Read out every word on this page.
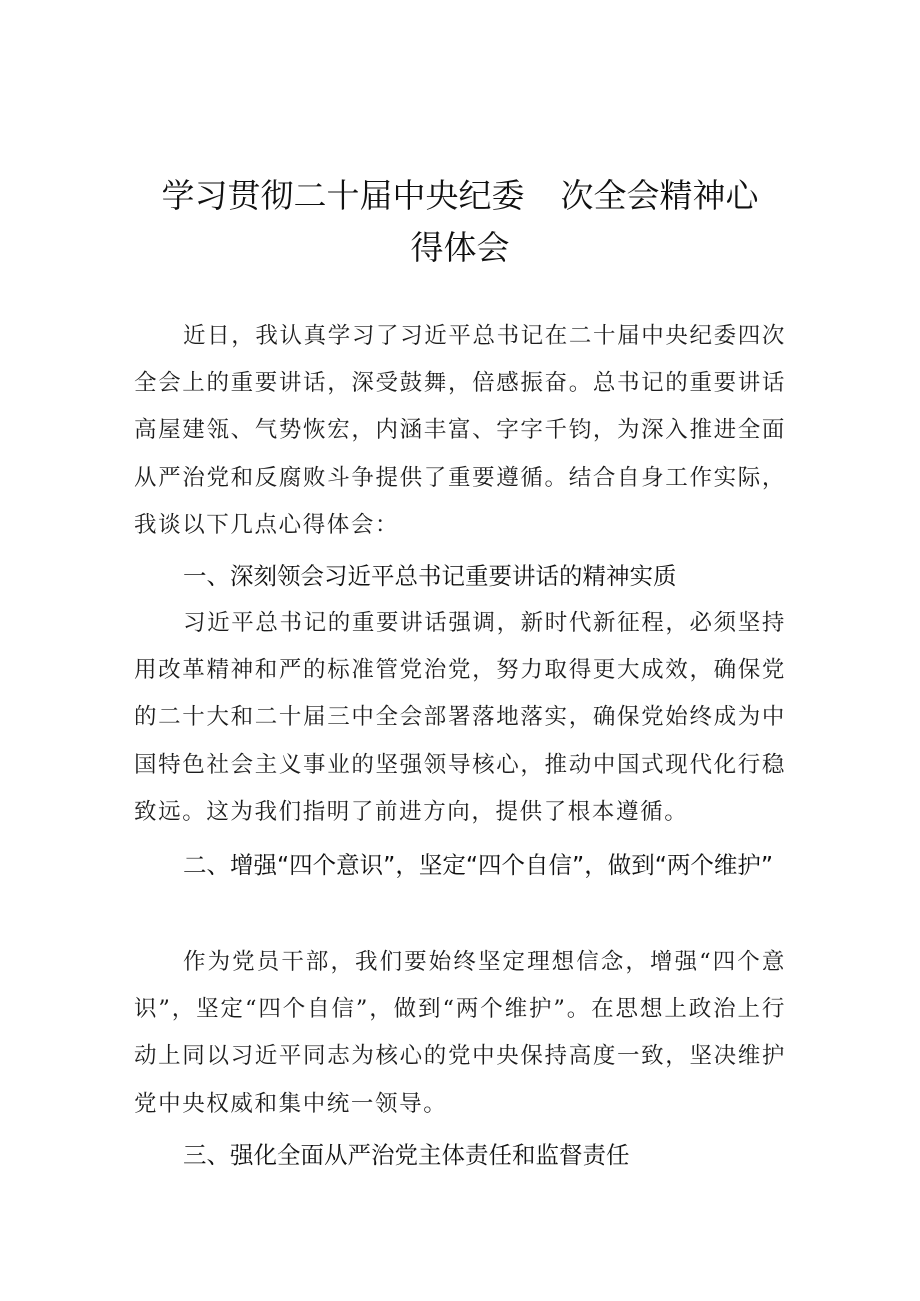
学习贯彻二十届中央纪委 次全会精神心
得体会

近日，我认真学习了习近平总书记在二十届中央纪委四次全会上的重要讲话，深受鼓舞，倍感振奋。总书记的重要讲话高屋建瓴、气势恢宏，内涵丰富、字字千钧，为深入推进全面从严治党和反腐败斗争提供了重要遵循。结合自身工作实际，我谈以下几点心得体会：

一、深刻领会习近平总书记重要讲话的精神实质

习近平总书记的重要讲话强调，新时代新征程，必须坚持用改革精神和严的标准管党治党，努力取得更大成效，确保党的二十大和二十届三中全会部署落地落实，确保党始终成为中国特色社会主义事业的坚强领导核心，推动中国式现代化行稳致远。这为我们指明了前进方向，提供了根本遵循。

二、增强“四个意识”，坚定“四个自信”，做到“两个维护”

作为党员干部，我们要始终坚定理想信念，增强“四个意识”，坚定“四个自信”，做到“两个维护”。在思想上政治上行动上同以习近平同志为核心的党中央保持高度一致，坚决维护党中央权威和集中统一领导。

三、强化全面从严治党主体责任和监督责任
